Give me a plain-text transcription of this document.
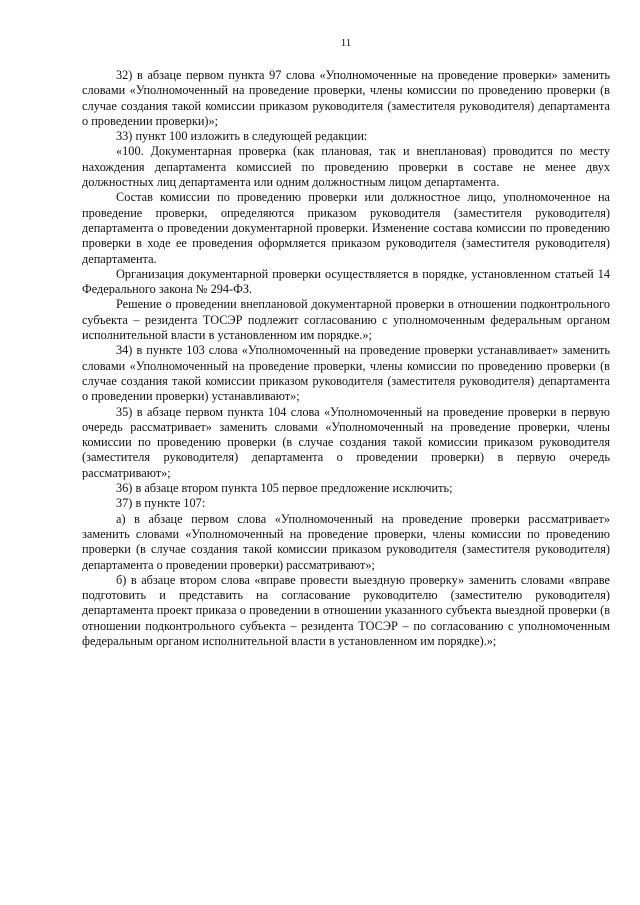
11

32) в абзаце первом пункта 97 слова «Уполномоченные на проведение проверки» заменить словами «Уполномоченный на проведение проверки, члены комиссии по проведению проверки (в случае создания такой комиссии приказом руководителя (заместителя руководителя) департамента о проведении проверки)»;

33) пункт 100 изложить в следующей редакции:

«100. Документарная проверка (как плановая, так и внеплановая) проводится по месту нахождения департамента комиссией по проведению проверки в составе не менее двух должностных лиц департамента или одним должностным лицом департамента.

Состав комиссии по проведению проверки или должностное лицо, уполномоченное на проведение проверки, определяются приказом руководителя (заместителя руководителя) департамента о проведении документарной проверки. Изменение состава комиссии по проведению проверки в ходе ее проведения оформляется приказом руководителя (заместителя руководителя) департамента.

Организация документарной проверки осуществляется в порядке, установленном статьей 14 Федерального закона № 294-ФЗ.

Решение о проведении внеплановой документарной проверки в отношении подконтрольного субъекта – резидента ТОСЭР подлежит согласованию с уполномоченным федеральным органом исполнительной власти в установленном им порядке.»;

34) в пункте 103 слова «Уполномоченный на проведение проверки устанавливает» заменить словами «Уполномоченный на проведение проверки, члены комиссии по проведению проверки (в случае создания такой комиссии приказом руководителя (заместителя руководителя) департамента о проведении проверки) устанавливают»;

35) в абзаце первом пункта 104 слова «Уполномоченный на проведение проверки в первую очередь рассматривает» заменить словами «Уполномоченный на проведение проверки, члены комиссии по проведению проверки (в случае создания такой комиссии приказом руководителя (заместителя руководителя) департамента о проведении проверки) в первую очередь рассматривают»;

36) в абзаце втором пункта 105 первое предложение исключить;

37) в пункте 107:

а) в абзаце первом слова «Уполномоченный на проведение проверки рассматривает» заменить словами «Уполномоченный на проведение проверки, члены комиссии по проведению проверки (в случае создания такой комиссии приказом руководителя (заместителя руководителя) департамента о проведении проверки) рассматривают»;

б) в абзаце втором слова «вправе провести выездную проверку» заменить словами «вправе подготовить и представить на согласование руководителю (заместителю руководителя) департамента проект приказа о проведении в отношении указанного субъекта выездной проверки (в отношении подконтрольного субъекта – резидента ТОСЭР – по согласованию с уполномоченным федеральным органом исполнительной власти в установленном им порядке).»;
